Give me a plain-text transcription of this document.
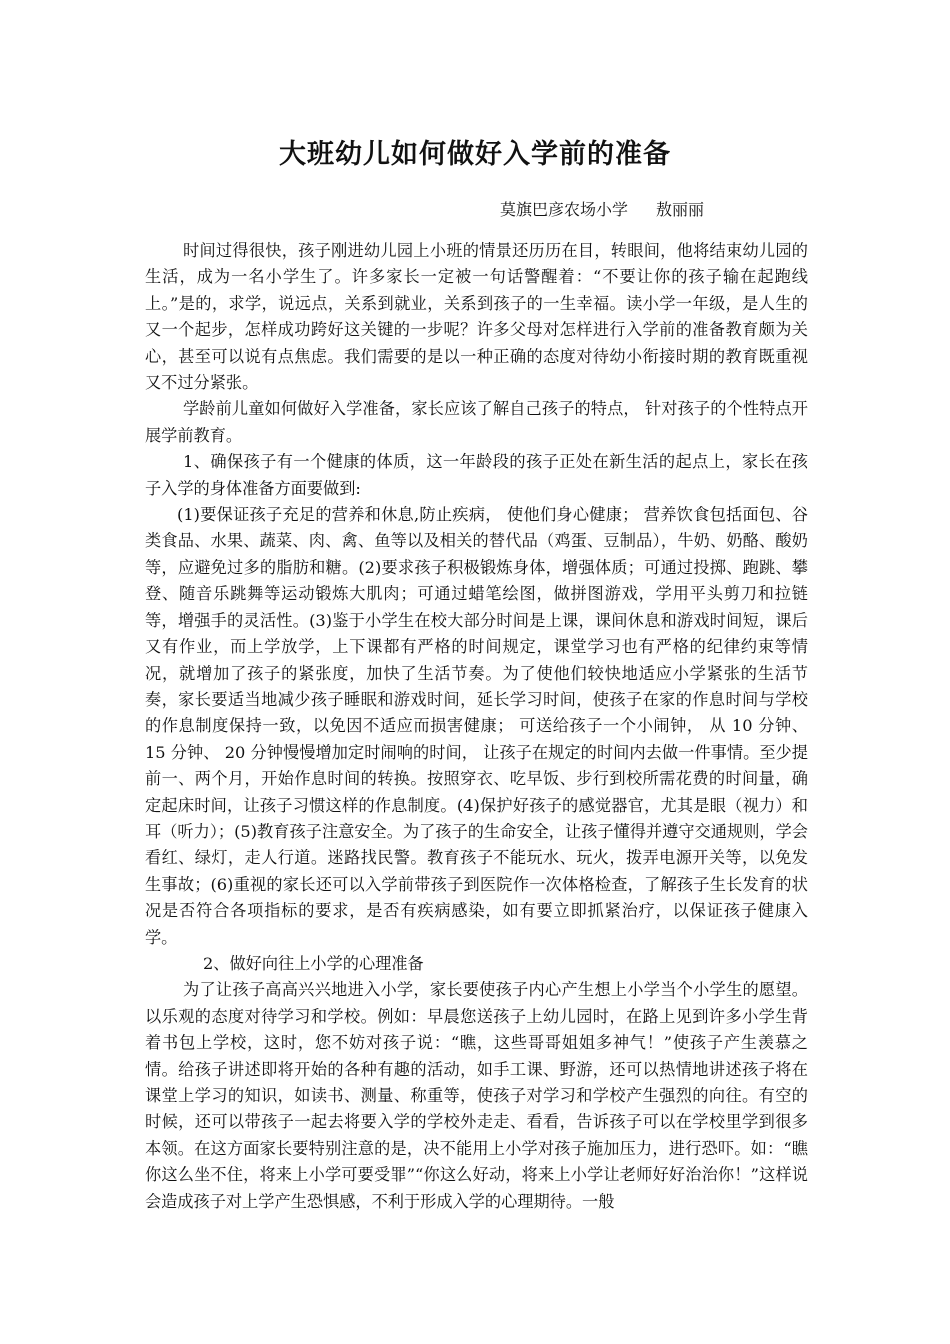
大班幼儿如何做好入学前的准备

莫旗巴彦农场小学 敖丽丽

时间过得很快，孩子刚进幼儿园上小班的情景还历历在目，转眼间，他将结束幼儿园的生活，成为一名小学生了。许多家长一定被一句话警醒着：“不要让你的孩子输在起跑线上。”是的，求学，说远点，关系到就业，关系到孩子的一生幸福。读小学一年级，是人生的又一个起步，怎样成功跨好这关键的一步呢？许多父母对怎样进行入学前的准备教育颇为关心，甚至可以说有点焦虑。我们需要的是以一种正确的态度对待幼小衔接时期的教育既重视又不过分紧张。

学龄前儿童如何做好入学准备，家长应该了解自己孩子的特点， 针对孩子的个性特点开展学前教育。

1、确保孩子有一个健康的体质，这一年龄段的孩子正处在新生活的起点上，家长在孩子入学的身体准备方面要做到:

(1)要保证孩子充足的营养和休息,防止疾病， 使他们身心健康； 营养饮食包括面包、谷类食品、水果、蔬菜、肉、禽、鱼等以及相关的替代品（鸡蛋、豆制品），牛奶、奶酪、酸奶等，应避免过多的脂肪和糖。(2)要求孩子积极锻炼身体，增强体质；可通过投掷、跑跳、攀登、随音乐跳舞等运动锻炼大肌肉；可通过蜡笔绘图，做拼图游戏，学用平头剪刀和拉链等，增强手的灵活性。(3)鉴于小学生在校大部分时间是上课，课间休息和游戏时间短，课后又有作业，而上学放学，上下课都有严格的时间规定，课堂学习也有严格的纪律约束等情况，就增加了孩子的紧张度，加快了生活节奏。为了使他们较快地适应小学紧张的生活节奏，家长要适当地减少孩子睡眠和游戏时间，延长学习时间，使孩子在家的作息时间与学校的作息制度保持一致，以免因不适应而损害健康； 可送给孩子一个小闹钟， 从 10 分钟、 15 分钟、 20 分钟慢慢增加定时闹响的时间， 让孩子在规定的时间内去做一件事情。至少提前一、两个月，开始作息时间的转换。按照穿衣、吃早饭、步行到校所需花费的时间量，确定起床时间，让孩子习惯这样的作息制度。(4)保护好孩子的感觉器官，尤其是眼（视力）和耳（听力）；(5)教育孩子注意安全。为了孩子的生命安全，让孩子懂得并遵守交通规则，学会看红、绿灯，走人行道。迷路找民警。教育孩子不能玩水、玩火，拨弄电源开关等，以免发生事故；(6)重视的家长还可以入学前带孩子到医院作一次体格检查，了解孩子生长发育的状况是否符合各项指标的要求，是否有疾病感染，如有要立即抓紧治疗，以保证孩子健康入学。

2、做好向往上小学的心理准备

为了让孩子高高兴兴地进入小学，家长要使孩子内心产生想上小学当个小学生的愿望。以乐观的态度对待学习和学校。例如：早晨您送孩子上幼儿园时，在路上见到许多小学生背着书包上学校，这时，您不妨对孩子说：“瞧，这些哥哥姐姐多神气！”使孩子产生羡慕之情。给孩子讲述即将开始的各种有趣的活动，如手工课、野游，还可以热情地讲述孩子将在课堂上学习的知识，如读书、测量、称重等，使孩子对学习和学校产生强烈的向往。有空的时候，还可以带孩子一起去将要入学的学校外走走、看看，告诉孩子可以在学校里学到很多本领。在这方面家长要特别注意的是，决不能用上小学对孩子施加压力，进行恐吓。如：“瞧你这么坐不住，将来上小学可要受罪”“你这么好动，将来上小学让老师好好治治你！”这样说会造成孩子对上学产生恐惧感，不利于形成入学的心理期待。一般
